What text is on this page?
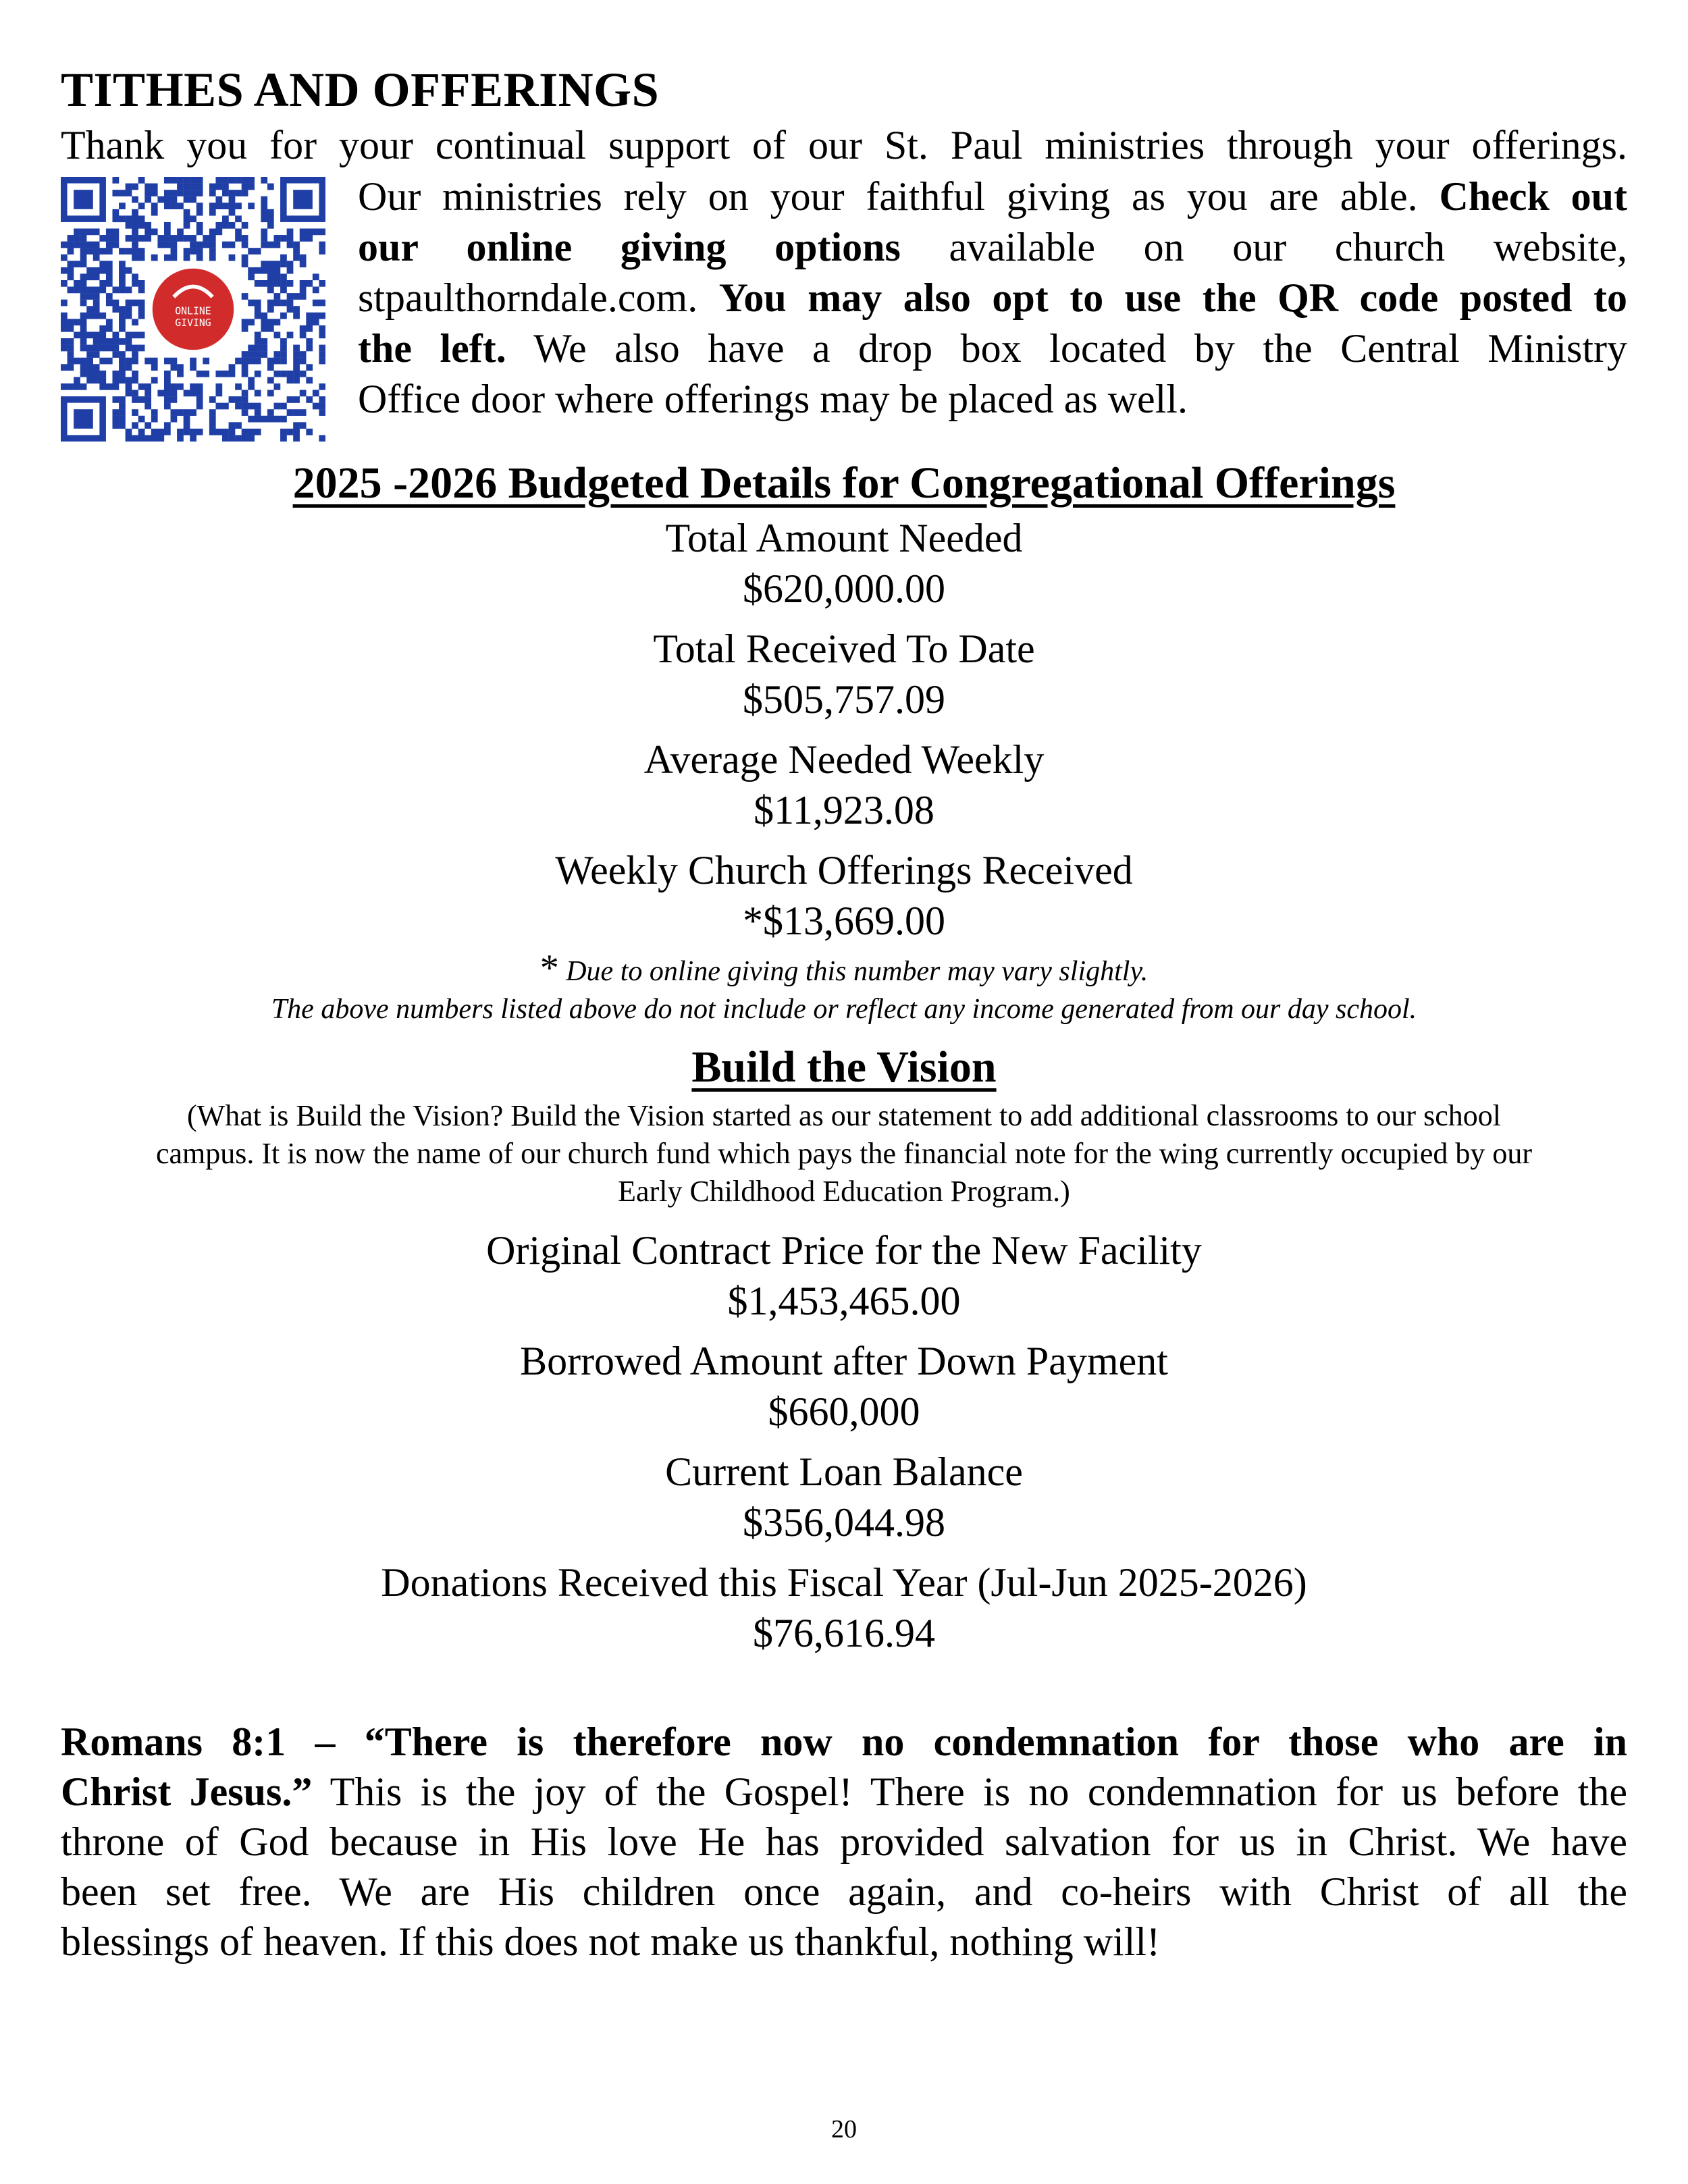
TITHES AND OFFERINGS
Thank you for your continual support of our St. Paul ministries through your offerings.
ONLINE
GIVING
Our ministries rely on your faithful giving as you are able. Check out
our online giving options available on our church website,
stpaulthorndale.com. You may also opt to use the QR code posted to
the left. We also have a drop box located by the Central Ministry
Office door where offerings may be placed as well.
2025 -2026 Budgeted Details for Congregational Offerings
Total Amount Needed
$620,000.00
Total Received To Date
$505,757.09
Average Needed Weekly
$11,923.08
Weekly Church Offerings Received
*$13,669.00
* Due to online giving this number may vary slightly.
The above numbers listed above do not include or reflect any income generated from our day school.
Build the Vision
(What is Build the Vision? Build the Vision started as our statement to add additional classrooms to our school
campus. It is now the name of our church fund which pays the financial note for the wing currently occupied by our
Early Childhood Education Program.)
Original Contract Price for the New Facility
$1,453,465.00
Borrowed Amount after Down Payment
$660,000
Current Loan Balance
$356,044.98
Donations Received this Fiscal Year (Jul-Jun 2025-2026)
$76,616.94
Romans 8:1 – “There is therefore now no condemnation for those who are in
Christ Jesus.” This is the joy of the Gospel! There is no condemnation for us before the
throne of God because in His love He has provided salvation for us in Christ. We have
been set free. We are His children once again, and co-heirs with Christ of all the
blessings of heaven. If this does not make us thankful, nothing will!
20
